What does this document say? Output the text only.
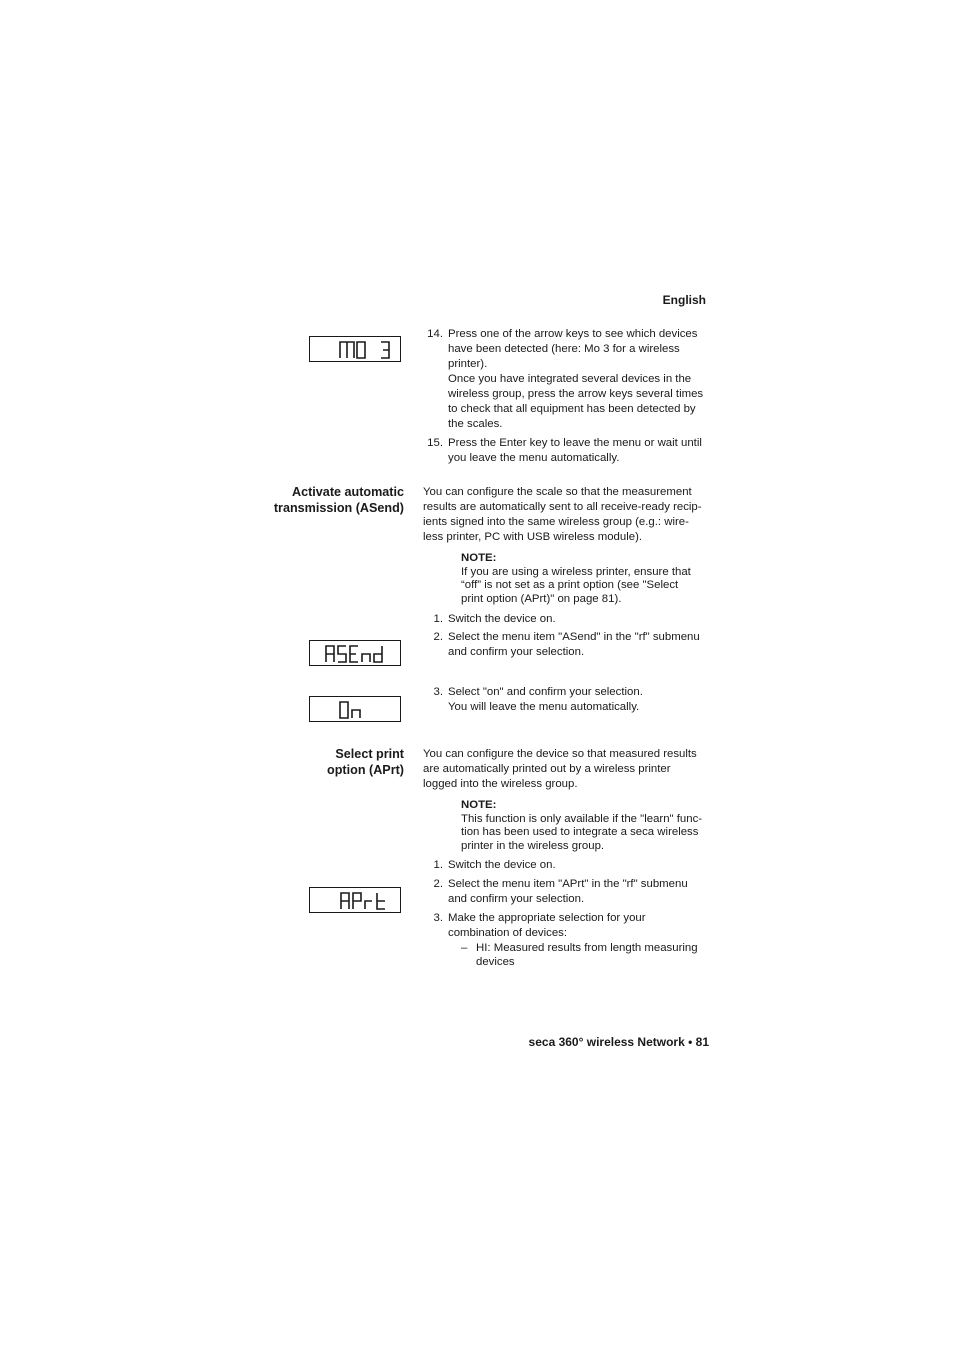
English
14. Press one of the arrow keys to see which devices
have been detected (here: Mo 3 for a wireless
printer).
Once you have integrated several devices in the
wireless group, press the arrow keys several times
to check that all equipment has been detected by
the scales.
15. Press the Enter key to leave the menu or wait until
you leave the menu automatically.
Activate automatic
transmission (ASend)
You can configure the scale so that the measurement
results are automatically sent to all receive-ready recip-
ients signed into the same wireless group (e.g.: wire-
less printer, PC with USB wireless module).
NOTE:
If you are using a wireless printer, ensure that
“off” is not set as a print option (see "Select
print option (APrt)" on page 81).
1. Switch the device on.
2. Select the menu item "ASend" in the "rf" submenu
and confirm your selection.
3. Select "on" and confirm your selection.
You will leave the menu automatically.
Select print
option (APrt)
You can configure the device so that measured results
are automatically printed out by a wireless printer
logged into the wireless group.
NOTE:
This function is only available if the "learn" func-
tion has been used to integrate a seca wireless
printer in the wireless group.
1. Switch the device on.
2. Select the menu item "APrt" in the "rf" submenu
and confirm your selection.
3. Make the appropriate selection for your
combination of devices:
– HI: Measured results from length measuring
devices
seca 360° wireless Network • 81
